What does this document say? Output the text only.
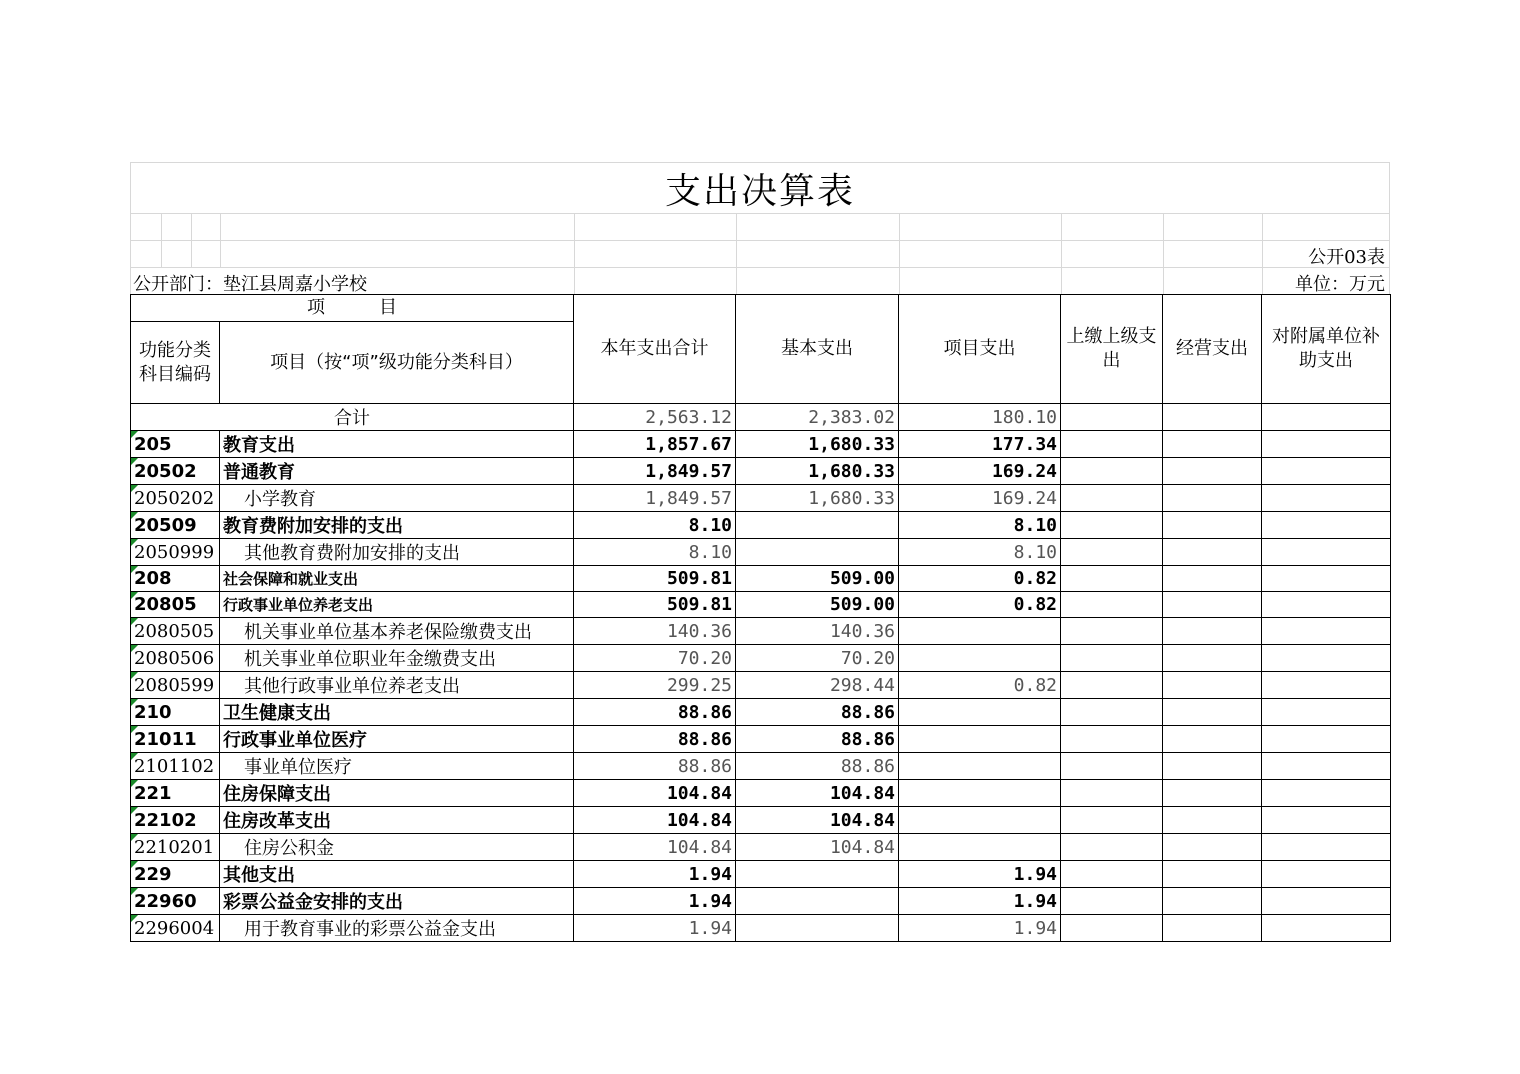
支出决算表
公开03表
公开部门：垫江县周嘉小学校	单位：万元
项　　　目		本年支出合计	基本支出	项目支出	上缴上级支出	经营支出	对附属单位补助支出
功能分类科目编码	项目（按“项”级功能分类科目）						
合计		2,563.12	2,383.02	180.10			
205	教育支出	1,857.67	1,680.33	177.34			
20502	普通教育	1,849.57	1,680.33	169.24			
2050202	小学教育	1,849.57	1,680.33	169.24			
20509	教育费附加安排的支出	8.10		8.10			
2050999	其他教育费附加安排的支出	8.10		8.10			
208	社会保障和就业支出	509.81	509.00	0.82			
20805	行政事业单位养老支出	509.81	509.00	0.82			
2080505	机关事业单位基本养老保险缴费支出	140.36	140.36				
2080506	机关事业单位职业年金缴费支出	70.20	70.20				
2080599	其他行政事业单位养老支出	299.25	298.44	0.82			
210	卫生健康支出	88.86	88.86				
21011	行政事业单位医疗	88.86	88.86				
2101102	事业单位医疗	88.86	88.86				
221	住房保障支出	104.84	104.84				
22102	住房改革支出	104.84	104.84				
2210201	住房公积金	104.84	104.84				
229	其他支出	1.94		1.94			
22960	彩票公益金安排的支出	1.94		1.94			
2296004	用于教育事业的彩票公益金支出	1.94		1.94			
